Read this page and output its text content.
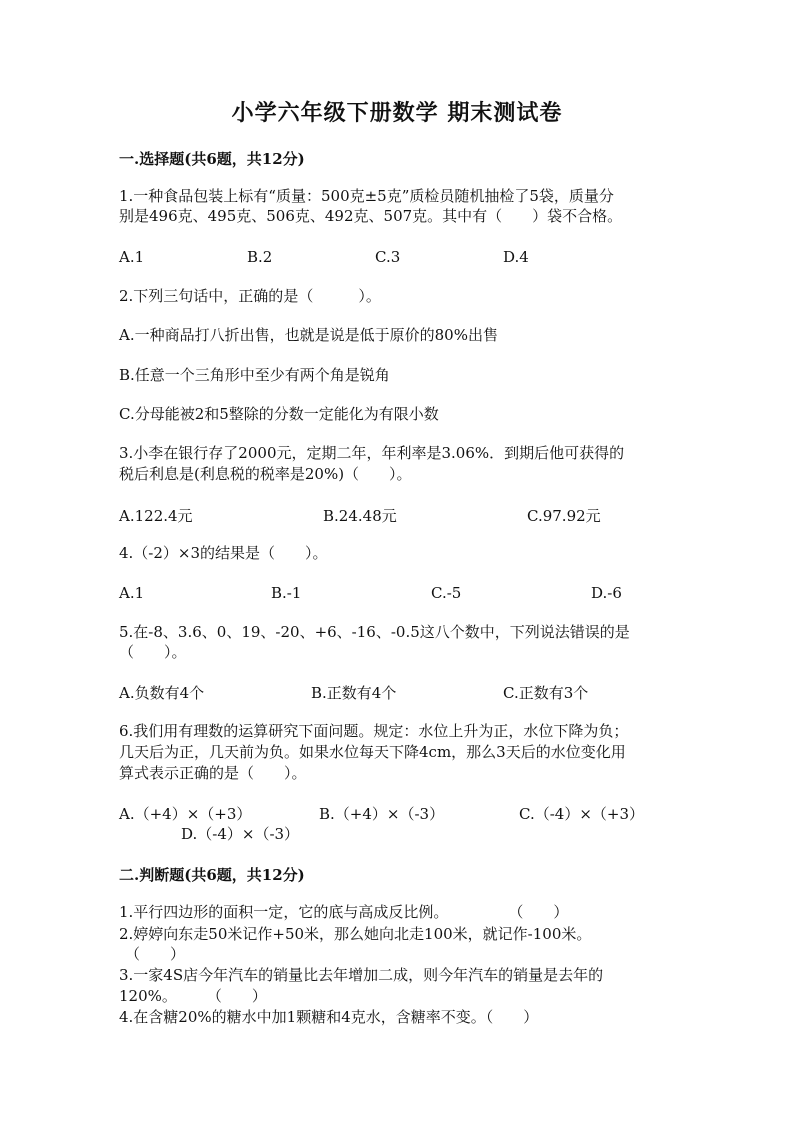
小学六年级下册数学 期末测试卷
一.选择题(共6题，共12分)
1.一种食品包装上标有“质量：500克±5克”质检员随机抽检了5袋，质量分
别是496克、495克、506克、492克、507克。其中有（　　）袋不合格。
A.1	B.2	C.3	D.4
2.下列三句话中，正确的是（　　　）。
A.一种商品打八折出售，也就是说是低于原价的80%出售
B.任意一个三角形中至少有两个角是锐角
C.分母能被2和5整除的分数一定能化为有限小数
3.小李在银行存了2000元，定期二年，年利率是3.06%．到期后他可获得的
税后利息是(利息税的税率是20%)（　　）。
A.122.4元	B.24.48元	C.97.92元
4.（-2）×3的结果是（　　）。
A.1	B.-1	C.-5	D.-6
5.在-8、3.6、0、19、-20、+6、-16、-0.5这八个数中，下列说法错误的是
（　　）。
A.负数有4个	B.正数有4个	C.正数有3个
6.我们用有理数的运算研究下面问题。规定：水位上升为正，水位下降为负；
几天后为正，几天前为负。如果水位每天下降4cm，那么3天后的水位变化用
算式表示正确的是（　　）。
A.（+4）×（+3）	B.（+4）×（-3）	C.（-4）×（+3）
D.（-4）×（-3）
二.判断题(共6题，共12分)
1.平行四边形的面积一定，它的底与高成反比例。　　　　　（　　）
2.婷婷向东走50米记作+50米，那么她向北走100米，就记作-100米。
（　　）
3.一家4S店今年汽车的销量比去年增加二成，则今年汽车的销量是去年的
120%。　　　（　　）
4.在含糖20%的糖水中加1颗糖和4克水，含糖率不变。（　　）
